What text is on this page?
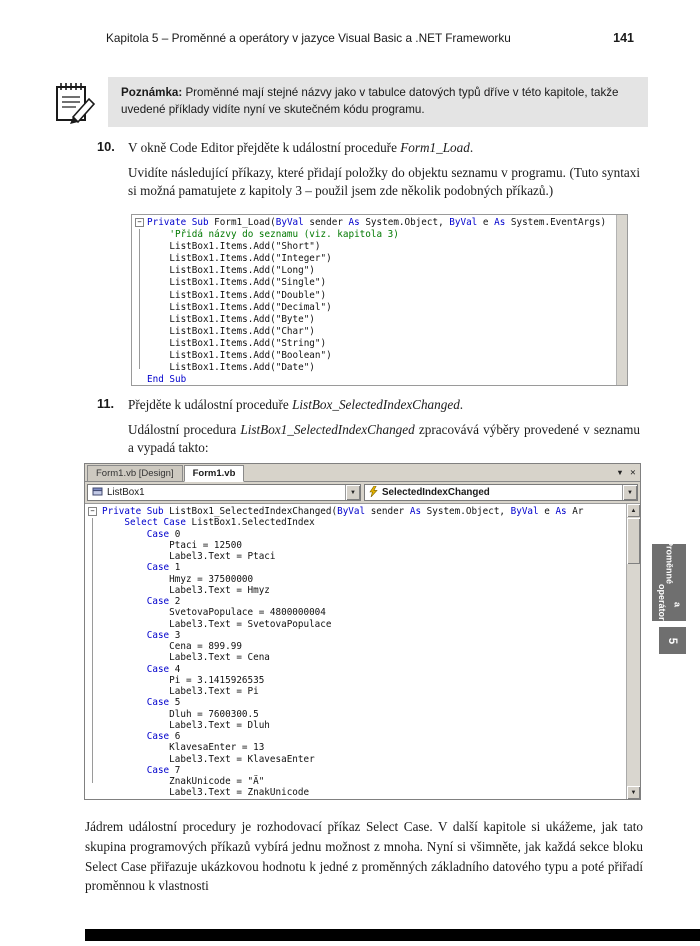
Kapitola 5 – Proměnné a operátory v jazyce Visual Basic a .NET Frameworku	141
Poznámka: Proměnné mají stejné názvy jako v tabulce datových typů dříve v této kapitole, takže uvedené příklady vidíte nyní ve skutečném kódu programu.
10.	V okně Code Editor přejděte k událostní proceduře Form1_Load.
Uvidíte následující příkazy, které přidají položky do objektu seznamu v programu. (Tuto syntaxi si možná pamatujete z kapitoly 3 – použil jsem zde několik podobných příkazů.)
− Private Sub Form1_Load(ByVal sender As System.Object, ByVal e As System.EventArgs)
'Přidá názvy do seznamu (viz. kapitola 3)
ListBox1.Items.Add("Short")
ListBox1.Items.Add("Integer")
ListBox1.Items.Add("Long")
ListBox1.Items.Add("Single")
ListBox1.Items.Add("Double")
ListBox1.Items.Add("Decimal")
ListBox1.Items.Add("Byte")
ListBox1.Items.Add("Char")
ListBox1.Items.Add("String")
ListBox1.Items.Add("Boolean")
ListBox1.Items.Add("Date")
End Sub
11.	Přejděte k událostní proceduře ListBox_SelectedIndexChanged.
Událostní procedura ListBox1_SelectedIndexChanged zpracovává výběry provedené v seznamu a vypadá takto:
Form1.vb [Design]	Form1.vb	▼ ✕
ListBox1	▼	SelectedIndexChanged	▼
− Private Sub ListBox1_SelectedIndexChanged(ByVal sender As System.Object, ByVal e As Ar
Select Case ListBox1.SelectedIndex
Case 0
Ptaci = 12500
Label3.Text = Ptaci
Case 1
Hmyz = 37500000
Label3.Text = Hmyz
Case 2
SvetovaPopulace = 4800000004
Label3.Text = SvetovaPopulace
Case 3
Cena = 899.99
Label3.Text = Cena
Case 4
Pi = 3.1415926535
Label3.Text = Pi
Case 5
Dluh = 7600300.5
Label3.Text = Dluh
Case 6
KlavesaEnter = 13
Label3.Text = KlavesaEnter
Case 7
ZnakUnicode = "Ä"
Label3.Text = ZnakUnicode
▲
▼
Proměnné
a operátory
5
Jádrem událostní procedury je rozhodovací příkaz Select Case. V další kapitole si ukážeme, jak tato skupina programových příkazů vybírá jednu možnost z mnoha. Nyní si všimněte, jak každá sekce bloku Select Case přiřazuje ukázkovou hodnotu k jedné z proměnných základního datového typu a poté přiřadí proměnnou k vlastnosti
